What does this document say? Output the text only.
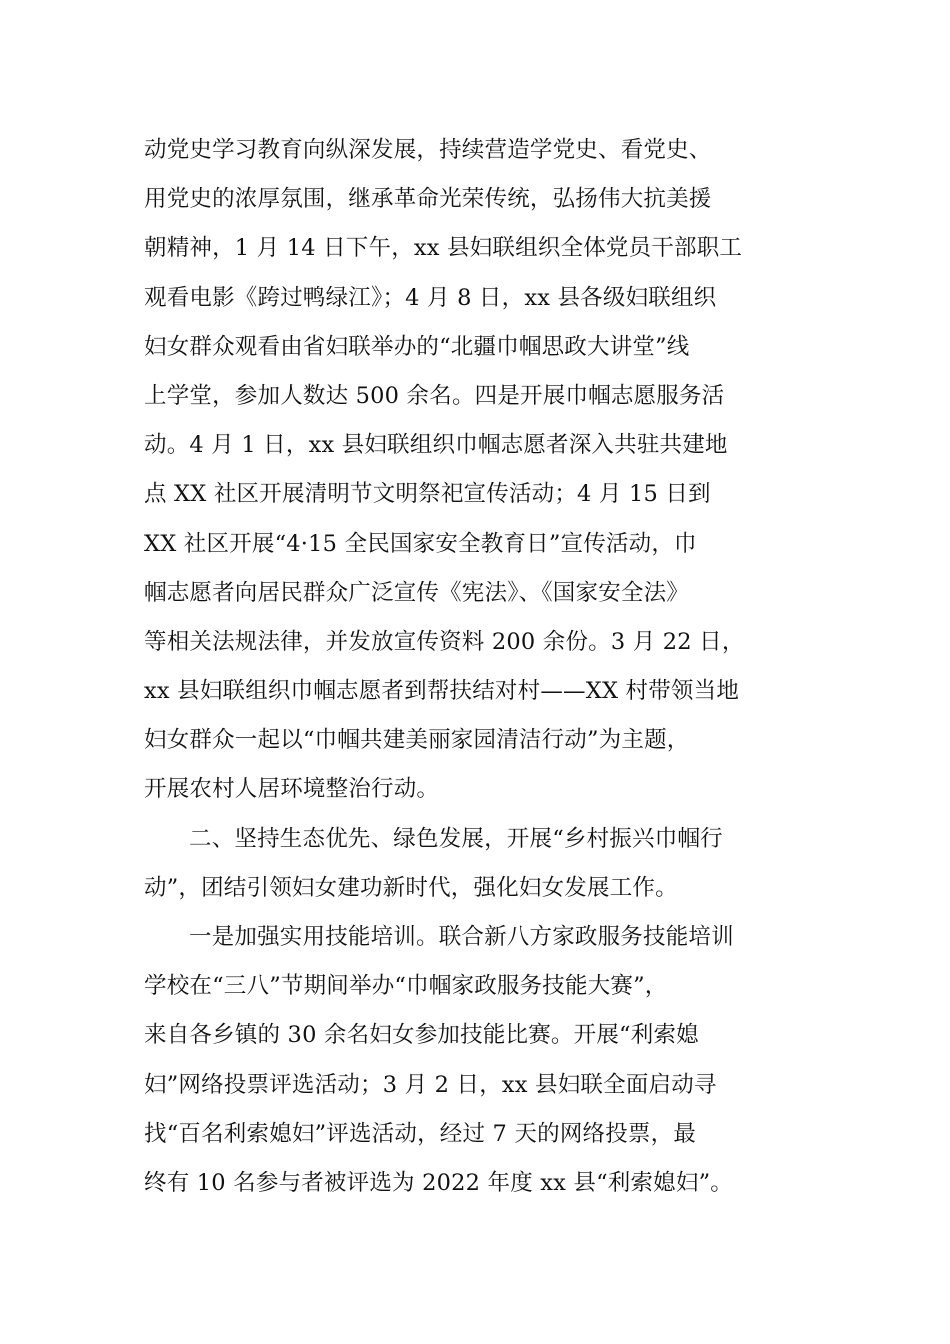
动党史学习教育向纵深发展，持续营造学党史、看党史、
用党史的浓厚氛围，继承革命光荣传统，弘扬伟大抗美援
朝精神，1 月 14 日下午，xx 县妇联组织全体党员干部职工
观看电影《跨过鸭绿江》；4 月 8 日，xx 县各级妇联组织
妇女群众观看由省妇联举办的“北疆巾帼思政大讲堂”线
上学堂，参加人数达 500 余名。四是开展巾帼志愿服务活
动。4 月 1 日，xx 县妇联组织巾帼志愿者深入共驻共建地
点 XX 社区开展清明节文明祭祀宣传活动；4 月 15 日到
XX 社区开展“4·15 全民国家安全教育日”宣传活动，巾
帼志愿者向居民群众广泛宣传《宪法》、《国家安全法》
等相关法规法律，并发放宣传资料 200 余份。3 月 22 日，
xx 县妇联组织巾帼志愿者到帮扶结对村——XX 村带领当地
妇女群众一起以“巾帼共建美丽家园清洁行动”为主题，
开展农村人居环境整治行动。
二、坚持生态优先、绿色发展，开展“乡村振兴巾帼行
动”，团结引领妇女建功新时代，强化妇女发展工作。
一是加强实用技能培训。联合新八方家政服务技能培训
学校在“三八”节期间举办“巾帼家政服务技能大赛”，
来自各乡镇的 30 余名妇女参加技能比赛。开展“利索媳
妇”网络投票评选活动；3 月 2 日，xx 县妇联全面启动寻
找“百名利索媳妇”评选活动，经过 7 天的网络投票，最
终有 10 名参与者被评选为 2022 年度 xx 县“利索媳妇”。
